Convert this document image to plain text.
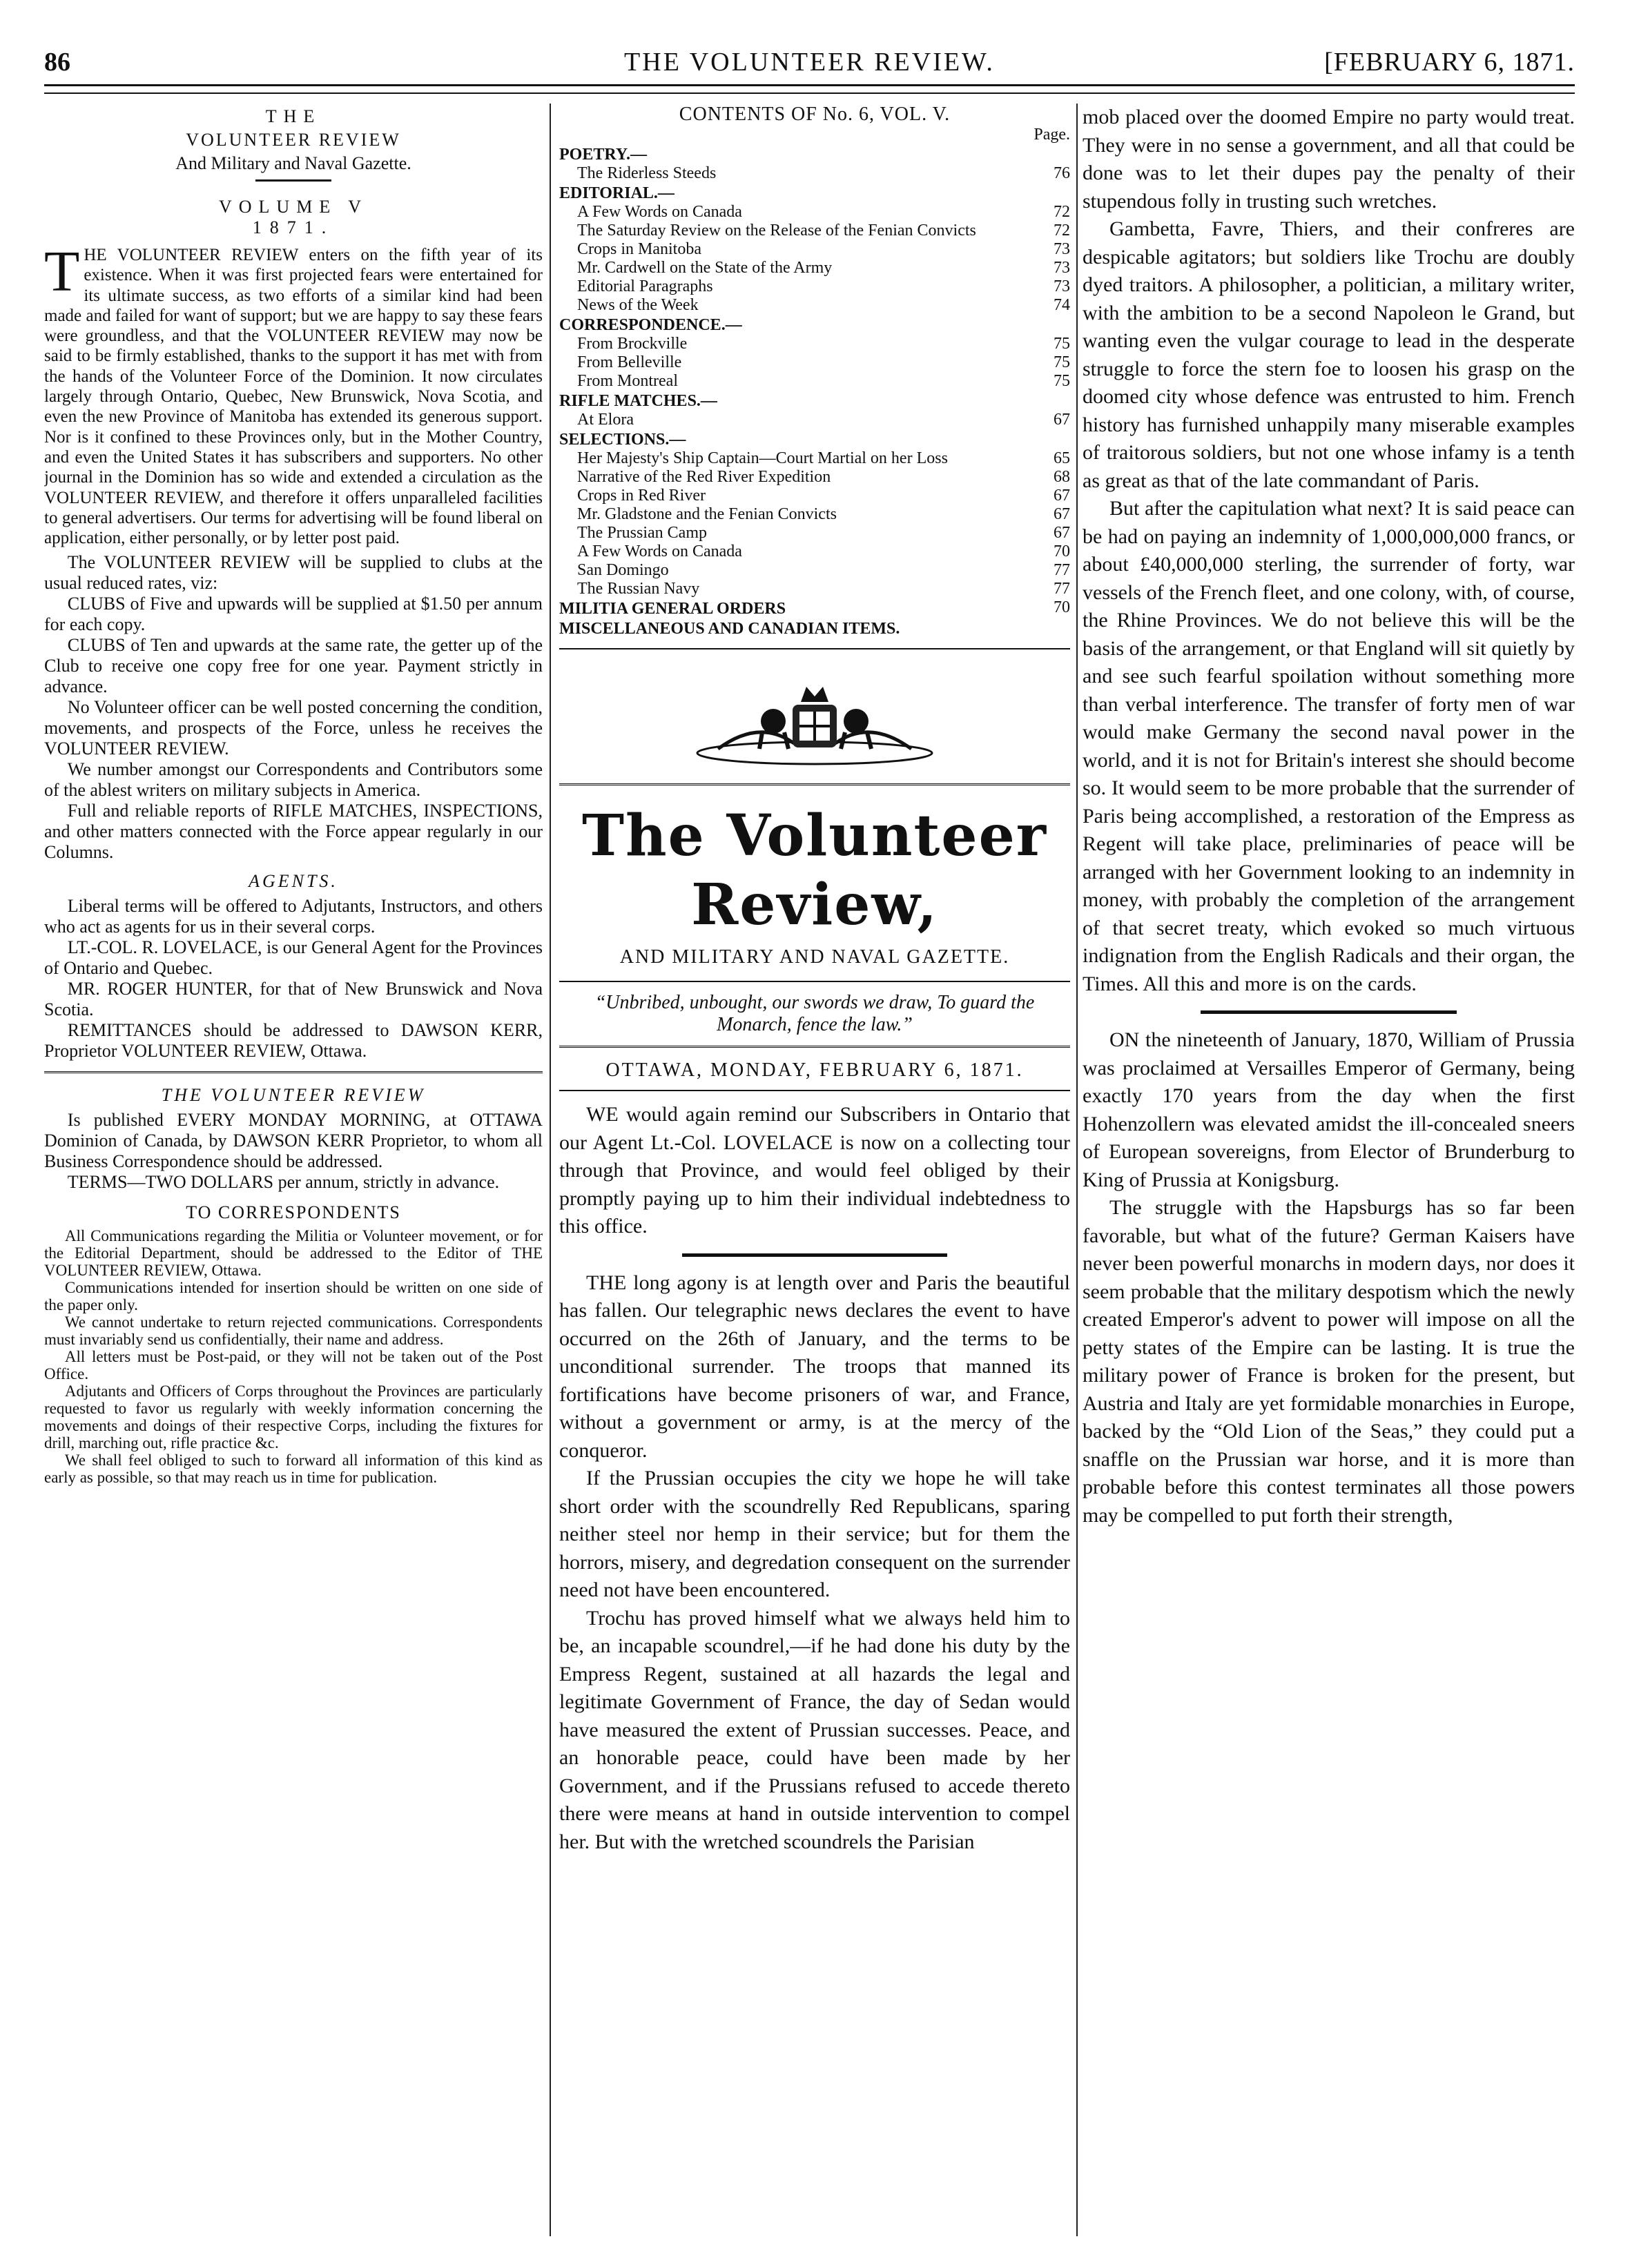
86	THE VOLUNTEER REVIEW.	[FEBRUARY 6, 1871.
THE
VOLUNTEER REVIEW
And Military and Naval Gazette.
VOLUME V
1871.
T HE VOLUNTEER REVIEW enters on the fifth year of its existence. When it was first projected fears were entertained for its ultimate success, as two efforts of a similar kind had been made and failed for want of support; but we are happy to say these fears were groundless, and that the VOLUNTEER REVIEW may now be said to be firmly established, thanks to the support it has met with from the hands of the Volunteer Force of the Dominion. It now circulates largely through Ontario, Quebec, New Brunswick, Nova Scotia, and even the new Province of Manitoba has extended its generous support. Nor is it confined to these Provinces only, but in the Mother Country, and even the United States it has subscribers and supporters. No other journal in the Dominion has so wide and extended a circulation as the VOLUNTEER REVIEW, and therefore it offers unparalleled facilities to general advertisers. Our terms for advertising will be found liberal on application, either personally, or by letter post paid.

The VOLUNTEER REVIEW will be supplied to clubs at the usual reduced rates, viz:

CLUBS of Five and upwards will be supplied at $1.50 per annum for each copy.

CLUBS of Ten and upwards at the same rate, the getter up of the Club to receive one copy free for one year. Payment strictly in advance.

No Volunteer officer can be well posted concerning the condition, movements, and prospects of the Force, unless he receives the VOLUNTEER REVIEW.

We number amongst our Correspondents and Contributors some of the ablest writers on military subjects in America.

Full and reliable reports of RIFLE MATCHES, INSPECTIONS, and other matters connected with the Force appear regularly in our Columns.

AGENTS.

Liberal terms will be offered to Adjutants, Instructors, and others who act as agents for us in their several corps.

LT.-COL. R. LOVELACE, is our General Agent for the Provinces of Ontario and Quebec.

MR. ROGER HUNTER, for that of New Brunswick and Nova Scotia.

REMITTANCES should be addressed to DAWSON KERR, Proprietor VOLUNTEER REVIEW, Ottawa.

THE VOLUNTEER REVIEW

Is published EVERY MONDAY MORNING, at OTTAWA Dominion of Canada, by DAWSON KERR Proprietor, to whom all Business Correspondence should be addressed.

TERMS—TWO DOLLARS per annum, strictly in advance.

TO CORRESPONDENTS

All Communications regarding the Militia or Volunteer movement, or for the Editorial Department, should be addressed to the Editor of THE VOLUNTEER REVIEW, Ottawa.

Communications intended for insertion should be written on one side of the paper only.

We cannot undertake to return rejected communications. Correspondents must invariably send us confidentially, their name and address.

All letters must be Post-paid, or they will not be taken out of the Post Office.

Adjutants and Officers of Corps throughout the Provinces are particularly requested to favor us regularly with weekly information concerning the movements and doings of their respective Corps, including the fixtures for drill, marching out, rifle practice &c.

We shall feel obliged to such to forward all information of this kind as early as possible, so that may reach us in time for publication.

CONTENTS OF No. 6, VOL. V.
Page.
POETRY.—
The Riderless Steeds	76
EDITORIAL.—
A Few Words on Canada	72
The Saturday Review on the Release of the Fenian Convicts	72
Crops in Manitoba	73
Mr. Cardwell on the State of the Army	73
Editorial Paragraphs	73
News of the Week	74
CORRESPONDENCE.—
From Brockville	75
From Belleville	75
From Montreal	75
RIFLE MATCHES.—
At Elora	67
SELECTIONS.—
Her Majesty's Ship Captain—Court Martial on her Loss	65
Narrative of the Red River Expedition	68
Crops in Red River	67
Mr. Gladstone and the Fenian Convicts	67
The Prussian Camp	67
A Few Words on Canada	70
San Domingo	77
The Russian Navy	77
MILITIA GENERAL ORDERS	70
MISCELLANEOUS AND CANADIAN ITEMS.
The Volunteer Review,
AND MILITARY AND NAVAL GAZETTE.
“Unbribed, unbought, our swords we draw, To guard the Monarch, fence the law.”
OTTAWA, MONDAY, FEBRUARY 6, 1871.

WE would again remind our Subscribers in Ontario that our Agent Lt.-Col. LOVELACE is now on a collecting tour through that Province, and would feel obliged by their promptly paying up to him their individual indebtedness to this office.

THE long agony is at length over and Paris the beautiful has fallen. Our telegraphic news declares the event to have occurred on the 26th of January, and the terms to be unconditional surrender. The troops that manned its fortifications have become prisoners of war, and France, without a government or army, is at the mercy of the conqueror.

If the Prussian occupies the city we hope he will take short order with the scoundrelly Red Republicans, sparing neither steel nor hemp in their service; but for them the horrors, misery, and degredation consequent on the surrender need not have been encountered.

Trochu has proved himself what we always held him to be, an incapable scoundrel,—if he had done his duty by the Empress Regent, sustained at all hazards the legal and legitimate Government of France, the day of Sedan would have measured the extent of Prussian successes. Peace, and an honorable peace, could have been made by her Government, and if the Prussians refused to accede thereto there were means at hand in outside intervention to compel her. But with the wretched scoundrels the Parisian

mob placed over the doomed Empire no party would treat. They were in no sense a government, and all that could be done was to let their dupes pay the penalty of their stupendous folly in trusting such wretches.

Gambetta, Favre, Thiers, and their confreres are despicable agitators; but soldiers like Trochu are doubly dyed traitors. A philosopher, a politician, a military writer, with the ambition to be a second Napoleon le Grand, but wanting even the vulgar courage to lead in the desperate struggle to force the stern foe to loosen his grasp on the doomed city whose defence was entrusted to him. French history has furnished unhappily many miserable examples of traitorous soldiers, but not one whose infamy is a tenth as great as that of the late commandant of Paris.

But after the capitulation what next? It is said peace can be had on paying an indemnity of 1,000,000,000 francs, or about £40,000,000 sterling, the surrender of forty, war vessels of the French fleet, and one colony, with, of course, the Rhine Provinces. We do not believe this will be the basis of the arrangement, or that England will sit quietly by and see such fearful spoilation without something more than verbal interference. The transfer of forty men of war would make Germany the second naval power in the world, and it is not for Britain's interest she should become so. It would seem to be more probable that the surrender of Paris being accomplished, a restoration of the Empress as Regent will take place, preliminaries of peace will be arranged with her Government looking to an indemnity in money, with probably the completion of the arrangement of that secret treaty, which evoked so much virtuous indignation from the English Radicals and their organ, the Times. All this and more is on the cards.

ON the nineteenth of January, 1870, William of Prussia was proclaimed at Versailles Emperor of Germany, being exactly 170 years from the day when the first Hohenzollern was elevated amidst the ill-concealed sneers of European sovereigns, from Elector of Brunderburg to King of Prussia at Konigsburg.

The struggle with the Hapsburgs has so far been favorable, but what of the future? German Kaisers have never been powerful monarchs in modern days, nor does it seem probable that the military despotism which the newly created Emperor's advent to power will impose on all the petty states of the Empire can be lasting. It is true the military power of France is broken for the present, but Austria and Italy are yet formidable monarchies in Europe, backed by the “Old Lion of the Seas,” they could put a snaffle on the Prussian war horse, and it is more than probable before this contest terminates all those powers may be compelled to put forth their strength,
